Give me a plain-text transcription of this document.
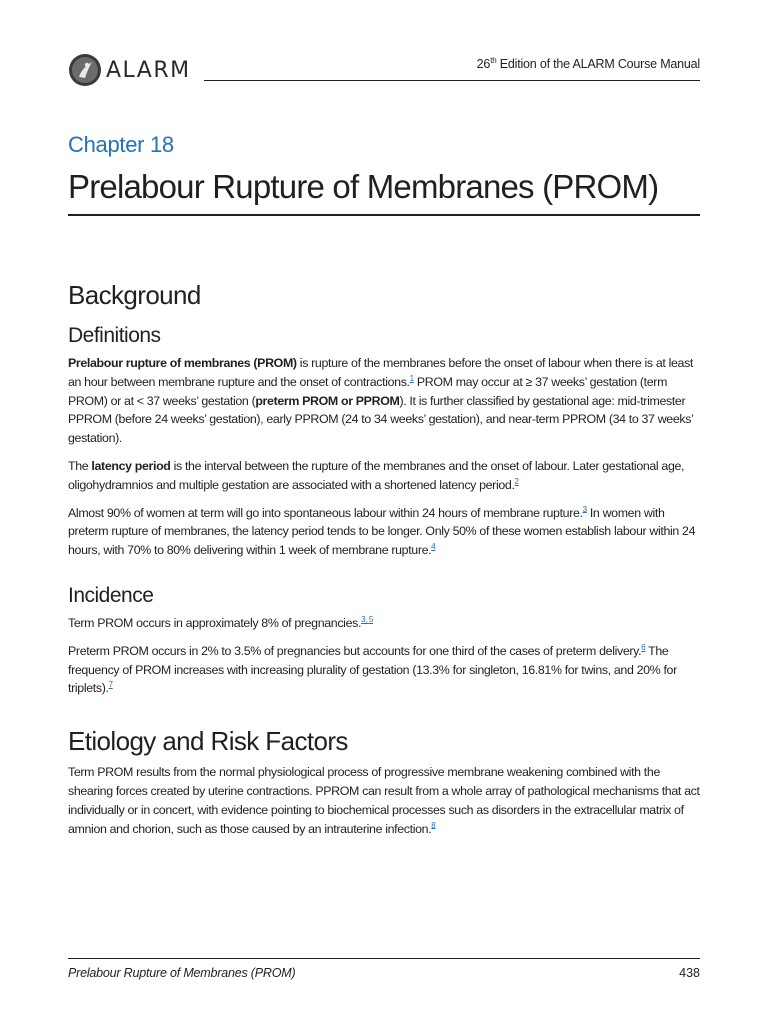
ALARM	26th Edition of the ALARM Course Manual
Chapter 18
Prelabour Rupture of Membranes (PROM)
Background
Definitions

Prelabour rupture of membranes (PROM) is rupture of the membranes before the onset of labour when there is at least an hour between membrane rupture and the onset of contractions.$^1$ PROM may occur at ≥ 37 weeks’ gestation (term PROM) or at < 37 weeks’ gestation (preterm PROM or PPROM). It is further classified by gestational age: mid-trimester PPROM (before 24 weeks’ gestation), early PPROM (24 to 34 weeks’ gestation), and near-term PPROM (34 to 37 weeks’ gestation).

The latency period is the interval between the rupture of the membranes and the onset of labour. Later gestational age, oligohydramnios and multiple gestation are associated with a shortened latency period.$^2$

Almost 90% of women at term will go into spontaneous labour within 24 hours of membrane rupture.$^3$ In women with preterm rupture of membranes, the latency period tends to be longer. Only 50% of these women establish labour within 24 hours, with 70% to 80% delivering within 1 week of membrane rupture.$^4$

Incidence

Term PROM occurs in approximately 8% of pregnancies.$^{3, 5}$

Preterm PROM occurs in 2% to 3.5% of pregnancies but accounts for one third of the cases of preterm delivery.$^6$ The frequency of PROM increases with increasing plurality of gestation (13.3% for singleton, 16.81% for twins, and 20% for triplets).$^7$

Etiology and Risk Factors

Term PROM results from the normal physiological process of progressive membrane weakening combined with the shearing forces created by uterine contractions. PPROM can result from a whole array of pathological mechanisms that act individually or in concert, with evidence pointing to biochemical processes such as disorders in the extracellular matrix of amnion and chorion, such as those caused by an intrauterine infection.$^8$

Prelabour Rupture of Membranes (PROM)	438
